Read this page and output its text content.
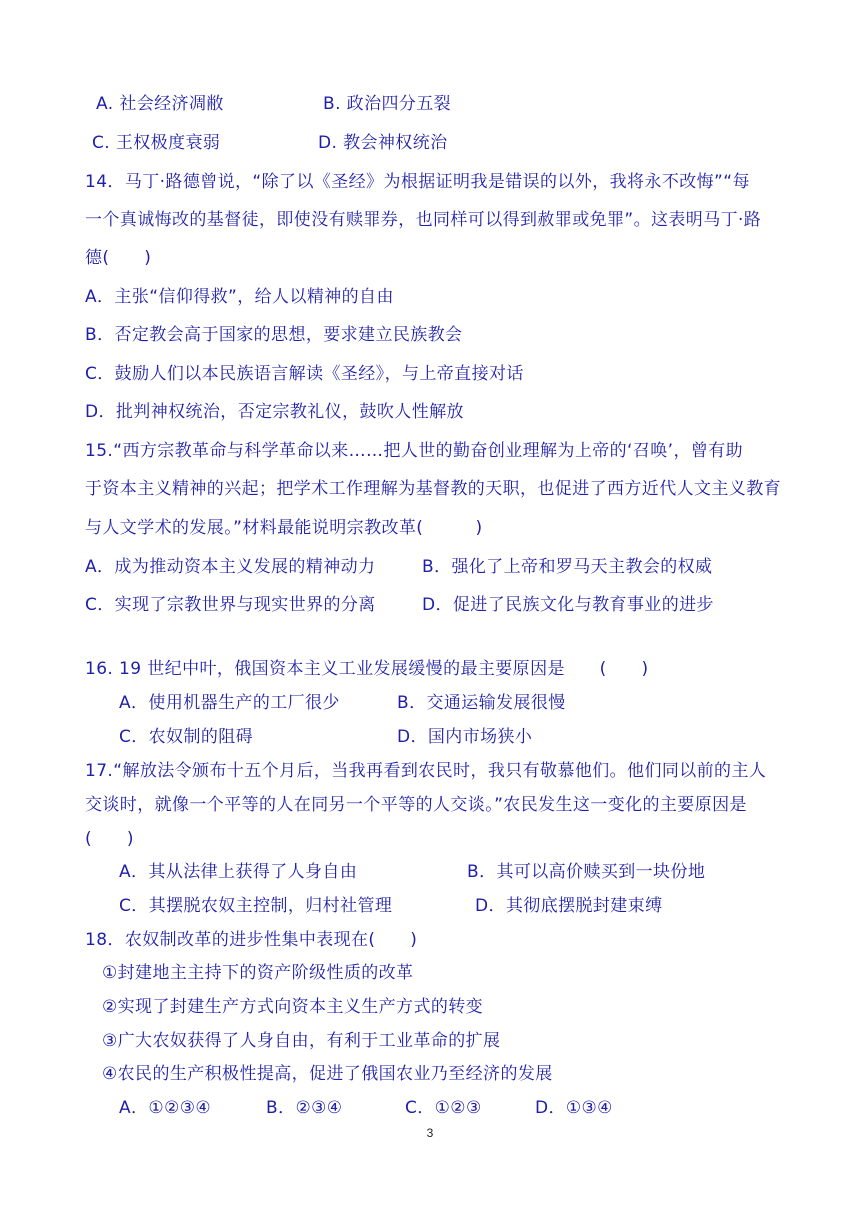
A. 社会经济凋敝	B. 政治四分五裂
C. 王权极度衰弱	D. 教会神权统治
14．马丁·路德曾说，“除了以《圣经》为根据证明我是错误的以外，我将永不改悔”“每
一个真诚悔改的基督徒，即使没有赎罪券，也同样可以得到赦罪或免罪”。这表明马丁·路
德(　　)
A．主张“信仰得救”，给人以精神的自由
B．否定教会高于国家的思想，要求建立民族教会
C．鼓励人们以本民族语言解读《圣经》，与上帝直接对话
D．批判神权统治，否定宗教礼仪，鼓吹人性解放
15.“西方宗教革命与科学革命以来……把人世的勤奋创业理解为上帝的‘召唤’，曾有助
于资本主义精神的兴起；把学术工作理解为基督教的天职，也促进了西方近代人文主义教育
与人文学术的发展。”材料最能说明宗教改革(　　　)
A．成为推动资本主义发展的精神动力	B．强化了上帝和罗马天主教会的权威
C．实现了宗教世界与现实世界的分离	D．促进了民族文化与教育事业的进步
16. 19 世纪中叶，俄国资本主义工业发展缓慢的最主要原因是　　(　　)
A．使用机器生产的工厂很少	B．交通运输发展很慢
C．农奴制的阻碍	D．国内市场狭小
17.“解放法令颁布十五个月后，当我再看到农民时，我只有敬慕他们。他们同以前的主人
交谈时，就像一个平等的人在同另一个平等的人交谈。”农民发生这一变化的主要原因是
(　　)
A．其从法律上获得了人身自由	B．其可以高价赎买到一块份地
C．其摆脱农奴主控制，归村社管理	D．其彻底摆脱封建束缚
18．农奴制改革的进步性集中表现在(　　)
①封建地主主持下的资产阶级性质的改革
②实现了封建生产方式向资本主义生产方式的转变
③广大农奴获得了人身自由，有利于工业革命的扩展
④农民的生产积极性提高，促进了俄国农业乃至经济的发展
A．①②③④	B．②③④	C．①②③	D．①③④
3
